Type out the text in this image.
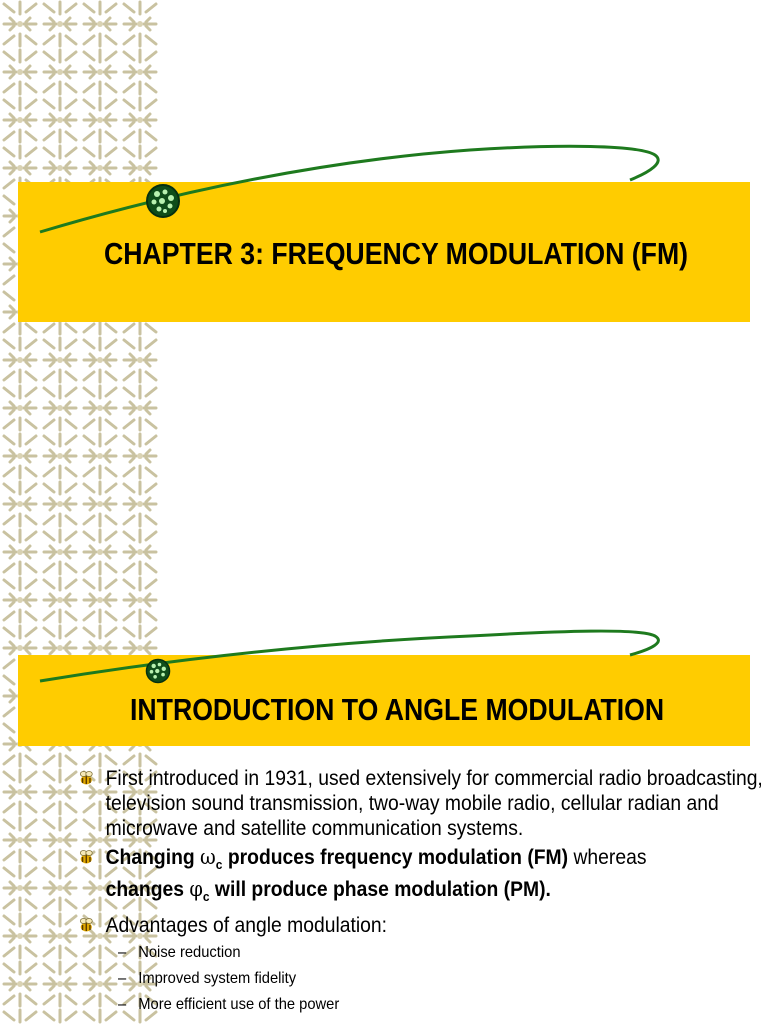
CHAPTER 3: FREQUENCY MODULATION (FM)
INTRODUCTION TO ANGLE MODULATION
First introduced in 1931, used extensively for commercial radio broadcasting, television sound transmission, two-way mobile radio, cellular radian and microwave and satellite communication systems.
Changing $\omega_c$ produces frequency modulation (FM) whereas
changes $\varphi_c$ will produce phase modulation (PM).
Advantages of angle modulation:
– Noise reduction
– Improved system fidelity
– More efficient use of the power
